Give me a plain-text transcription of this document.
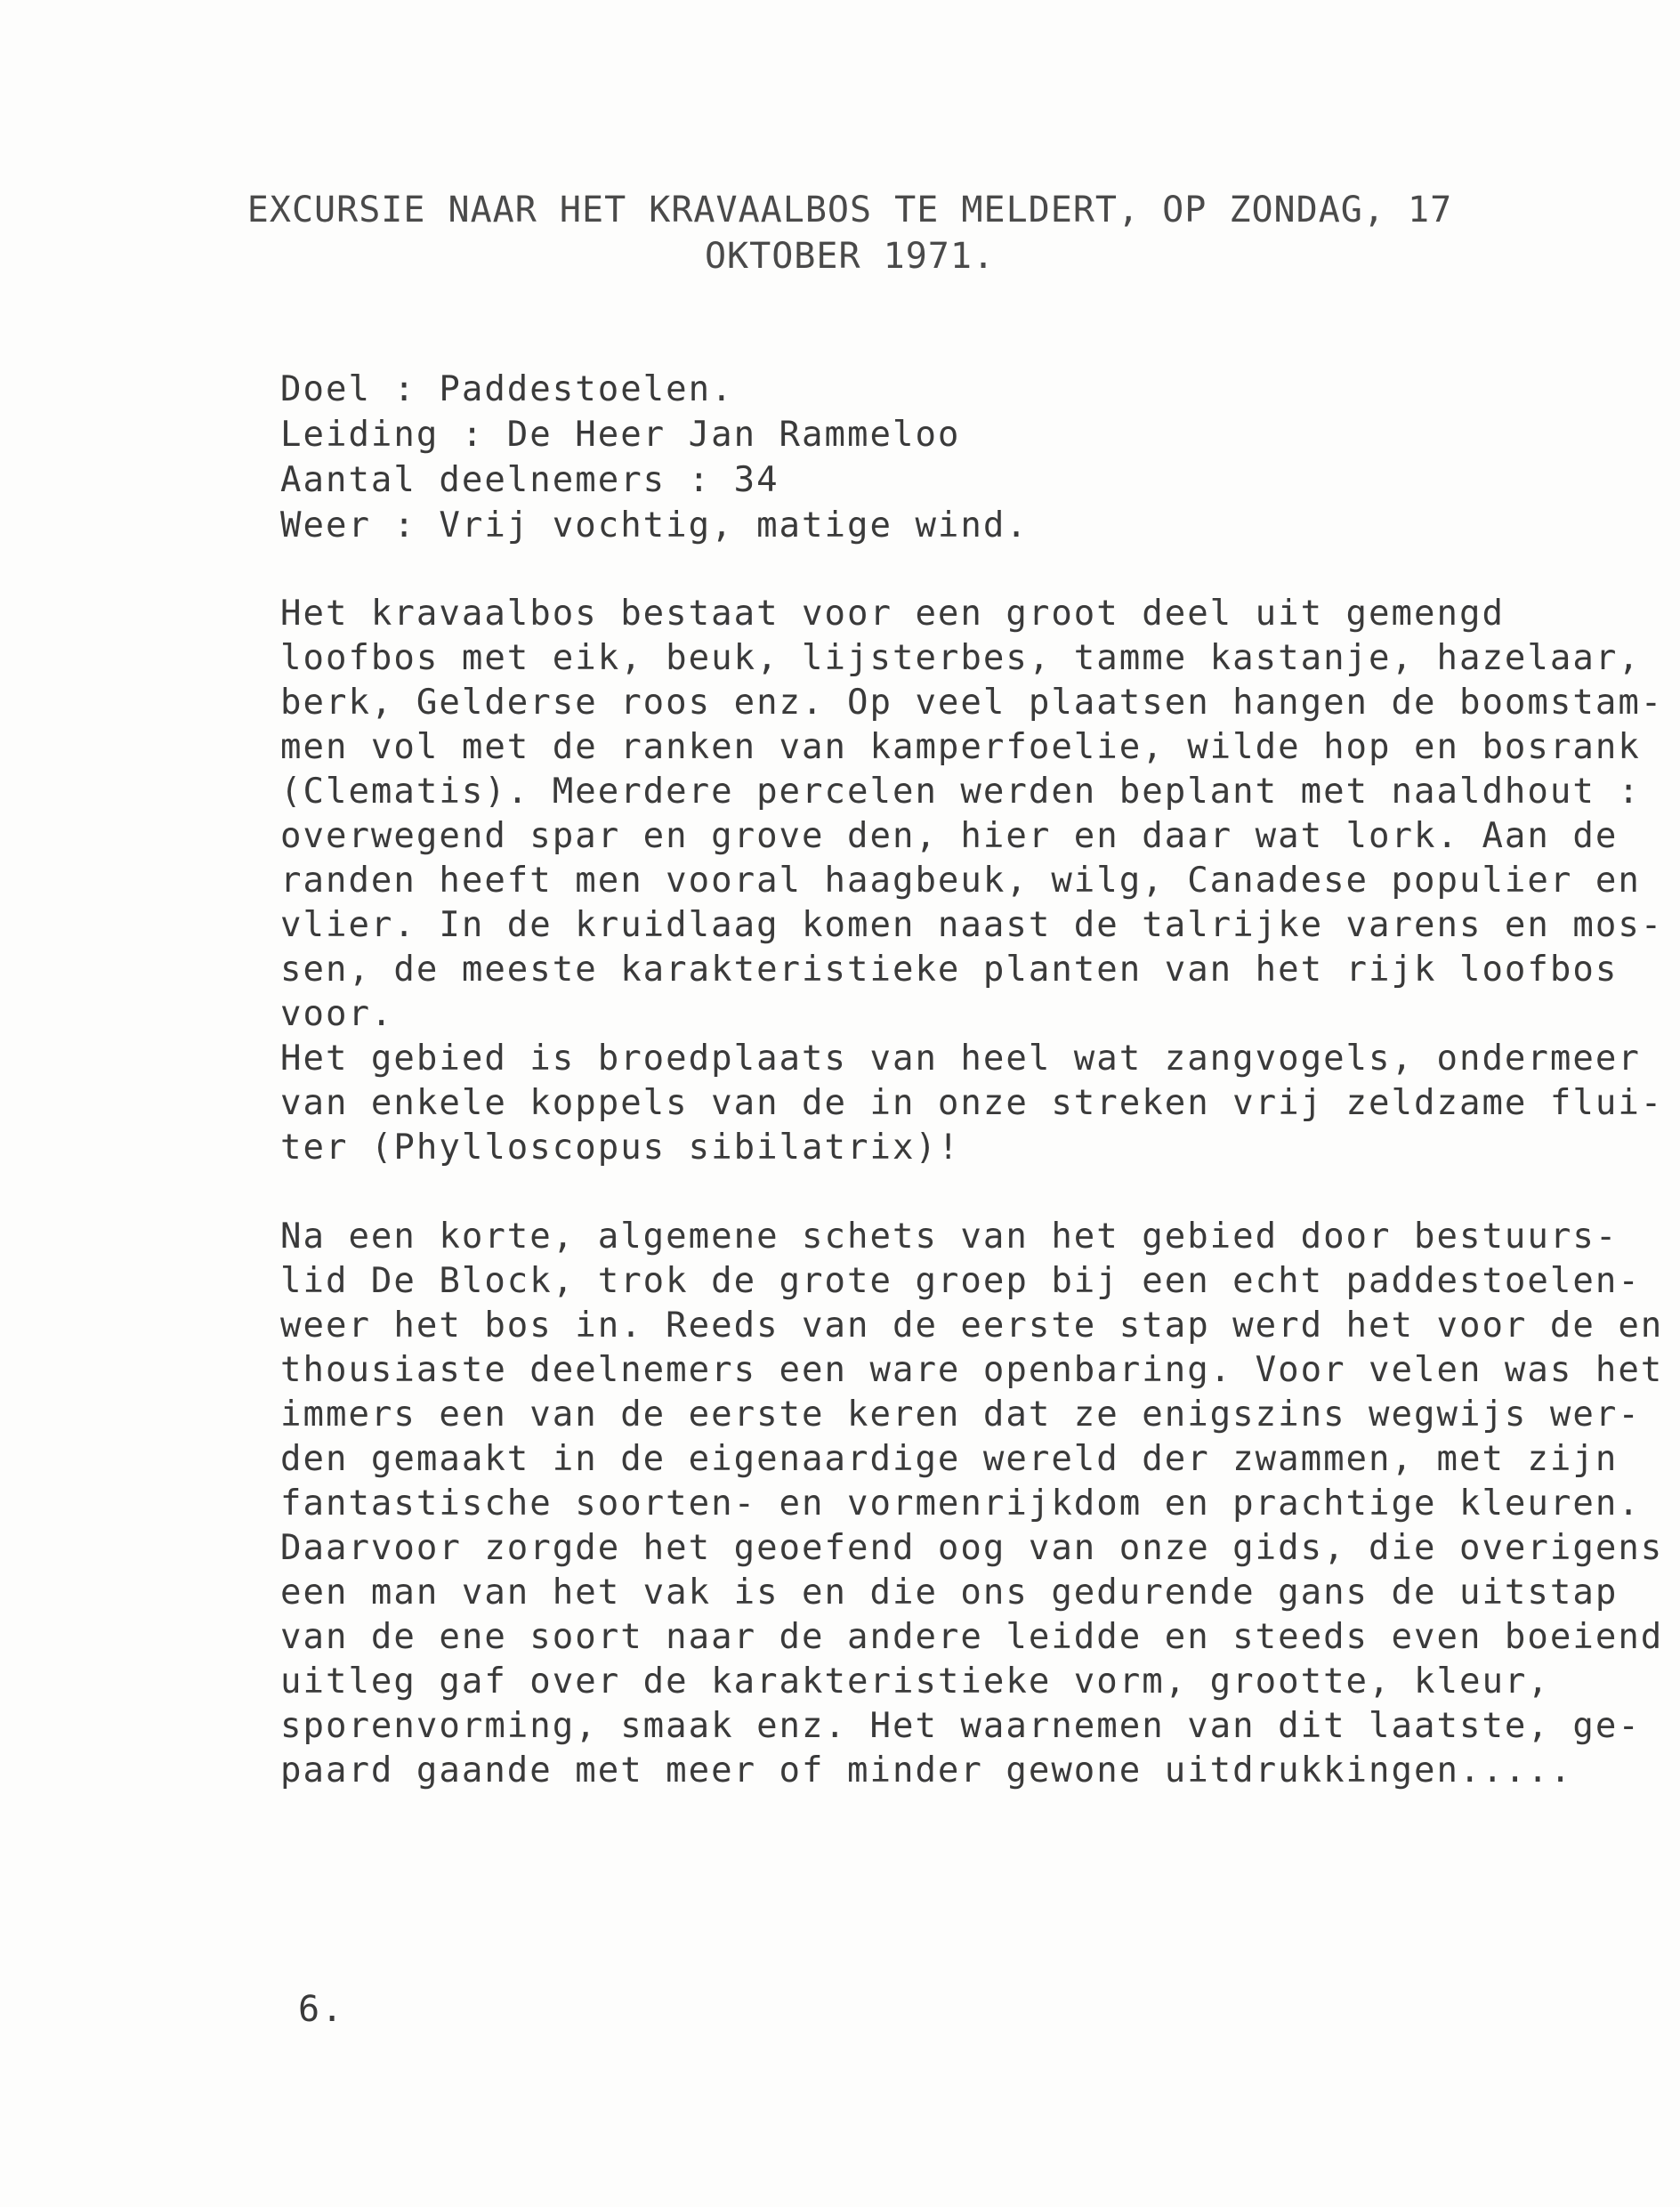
EXCURSIE NAAR HET KRAVAALBOS TE MELDERT, OP ZONDAG, 17
OKTOBER 1971.
Doel : Paddestoelen.
Leiding : De Heer Jan Rammeloo
Aantal deelnemers : 34
Weer : Vrij vochtig, matige wind.
Het kravaalbos bestaat voor een groot deel uit gemengd
loofbos met eik, beuk, lijsterbes, tamme kastanje, hazelaar,
berk, Gelderse roos enz. Op veel plaatsen hangen de boomstam-
men vol met de ranken van kamperfoelie, wilde hop en bosrank
(Clematis). Meerdere percelen werden beplant met naaldhout :
overwegend spar en grove den, hier en daar wat lork. Aan de
randen heeft men vooral haagbeuk, wilg, Canadese populier en
vlier. In de kruidlaag komen naast de talrijke varens en mos-
sen, de meeste karakteristieke planten van het rijk loofbos
voor.
Het gebied is broedplaats van heel wat zangvogels, ondermeer
van enkele koppels van de in onze streken vrij zeldzame flui-
ter (Phylloscopus sibilatrix)!
Na een korte, algemene schets van het gebied door bestuurs-
lid De Block, trok de grote groep bij een echt paddestoelen-
weer het bos in. Reeds van de eerste stap werd het voor de en
thousiaste deelnemers een ware openbaring. Voor velen was het
immers een van de eerste keren dat ze enigszins wegwijs wer-
den gemaakt in de eigenaardige wereld der zwammen, met zijn
fantastische soorten- en vormenrijkdom en prachtige kleuren.
Daarvoor zorgde het geoefend oog van onze gids, die overigens
een man van het vak is en die ons gedurende gans de uitstap
van de ene soort naar de andere leidde en steeds even boeiend
uitleg gaf over de karakteristieke vorm, grootte, kleur,
sporenvorming, smaak enz. Het waarnemen van dit laatste, ge-
paard gaande met meer of minder gewone uitdrukkingen.....
6.
